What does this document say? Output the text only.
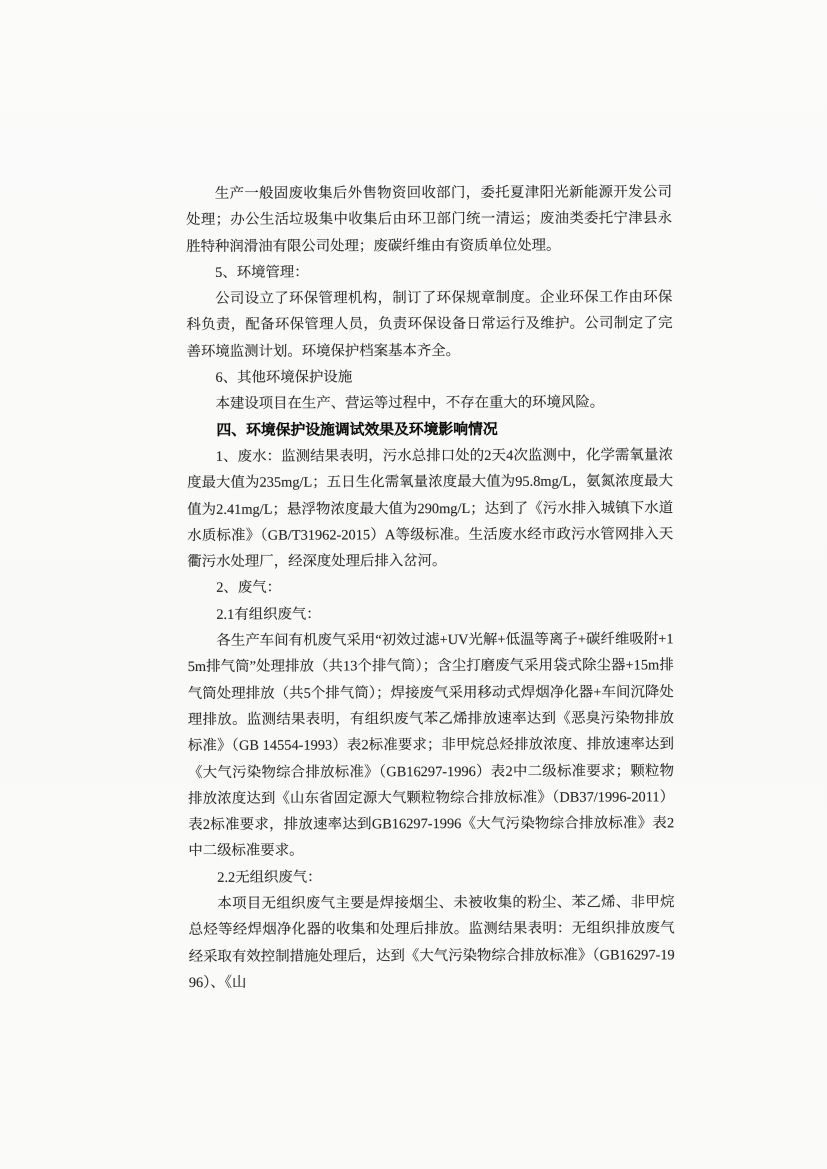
生产一般固废收集后外售物资回收部门，委托夏津阳光新能源开发公司处理；办公生活垃圾集中收集后由环卫部门统一清运；废油类委托宁津县永胜特种润滑油有限公司处理；废碳纤维由有资质单位处理。

5、环境管理：

公司设立了环保管理机构，制订了环保规章制度。企业环保工作由环保科负责，配备环保管理人员，负责环保设备日常运行及维护。公司制定了完善环境监测计划。环境保护档案基本齐全。

6、其他环境保护设施

本建设项目在生产、营运等过程中，不存在重大的环境风险。

四、环境保护设施调试效果及环境影响情况

1、废水：监测结果表明，污水总排口处的2天4次监测中，化学需氧量浓度最大值为235mg/L；五日生化需氧量浓度最大值为95.8mg/L，氨氮浓度最大值为2.41mg/L；悬浮物浓度最大值为290mg/L；达到了《污水排入城镇下水道水质标准》（GB/T31962-2015）A等级标准。生活废水经市政污水管网排入天衢污水处理厂，经深度处理后排入岔河。

2、废气：

2.1有组织废气：

各生产车间有机废气采用“初效过滤+UV光解+低温等离子+碳纤维吸附+15m排气筒”处理排放（共13个排气筒）；含尘打磨废气采用袋式除尘器+15m排气筒处理排放（共5个排气筒）；焊接废气采用移动式焊烟净化器+车间沉降处理排放。监测结果表明，有组织废气苯乙烯排放速率达到《恶臭污染物排放标准》（GB 14554-1993）表2标准要求；非甲烷总烃排放浓度、排放速率达到《大气污染物综合排放标准》（GB16297-1996）表2中二级标准要求；颗粒物排放浓度达到《山东省固定源大气颗粒物综合排放标准》（DB37/1996-2011）表2标准要求，排放速率达到GB16297-1996《大气污染物综合排放标准》表2中二级标准要求。

2.2无组织废气：

本项目无组织废气主要是焊接烟尘、未被收集的粉尘、苯乙烯、非甲烷总烃等经焊烟净化器的收集和处理后排放。监测结果表明：无组织排放废气经采取有效控制措施处理后，达到《大气污染物综合排放标准》（GB16297-1996）、《山
